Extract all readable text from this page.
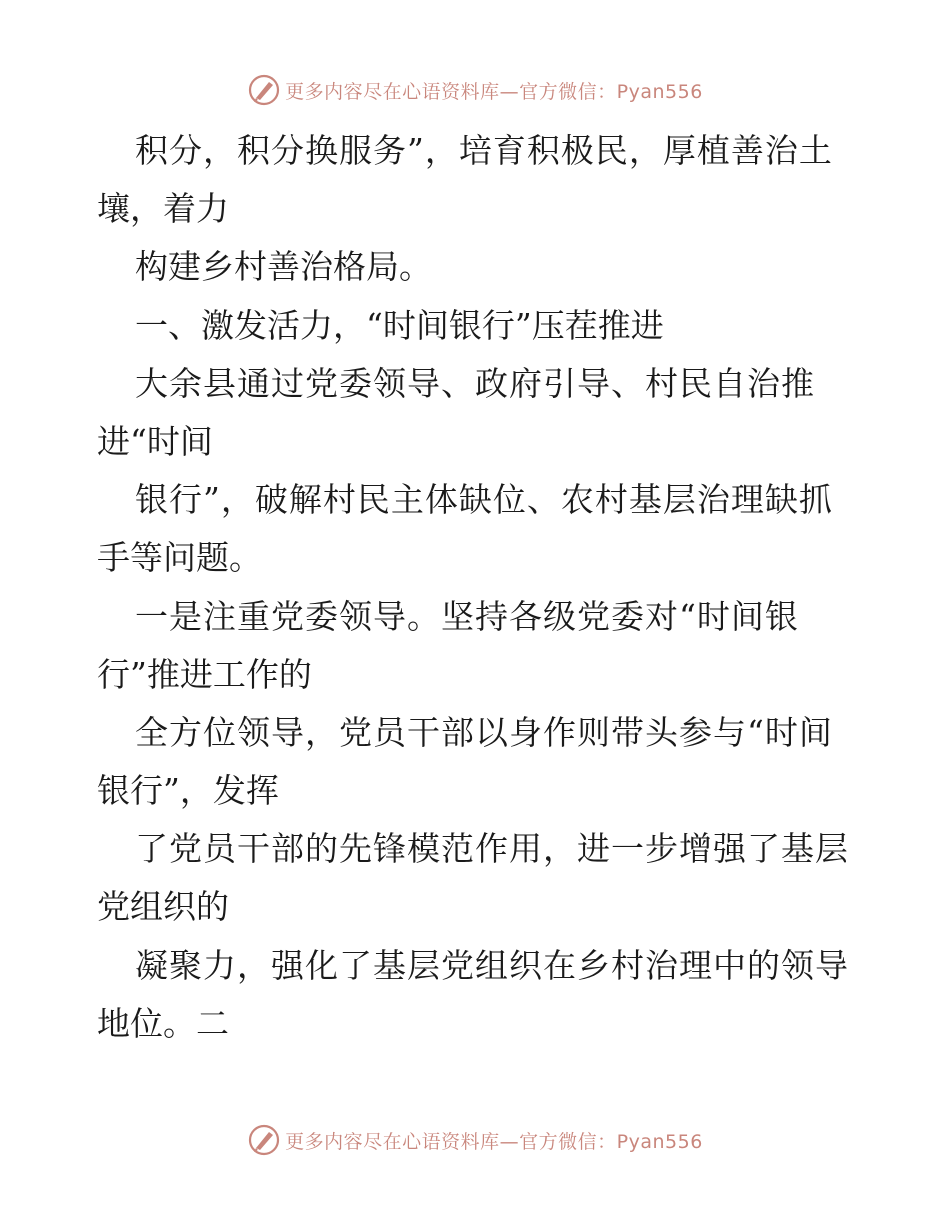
更多内容尽在心语资料库—官方微信：Pyan556
积分，积分换服务”，培育积极民，厚植善治土
壤，着力
构建乡村善治格局。
一、激发活力，“时间银行”压茬推进
大余县通过党委领导、政府引导、村民自治推
进“时间
银行”，破解村民主体缺位、农村基层治理缺抓
手等问题。
一是注重党委领导。坚持各级党委对“时间银
行”推进工作的
全方位领导，党员干部以身作则带头参与“时间
银行”，发挥
了党员干部的先锋模范作用，进一步增强了基层
党组织的
凝聚力，强化了基层党组织在乡村治理中的领导
地位。二
更多内容尽在心语资料库—官方微信：Pyan556
